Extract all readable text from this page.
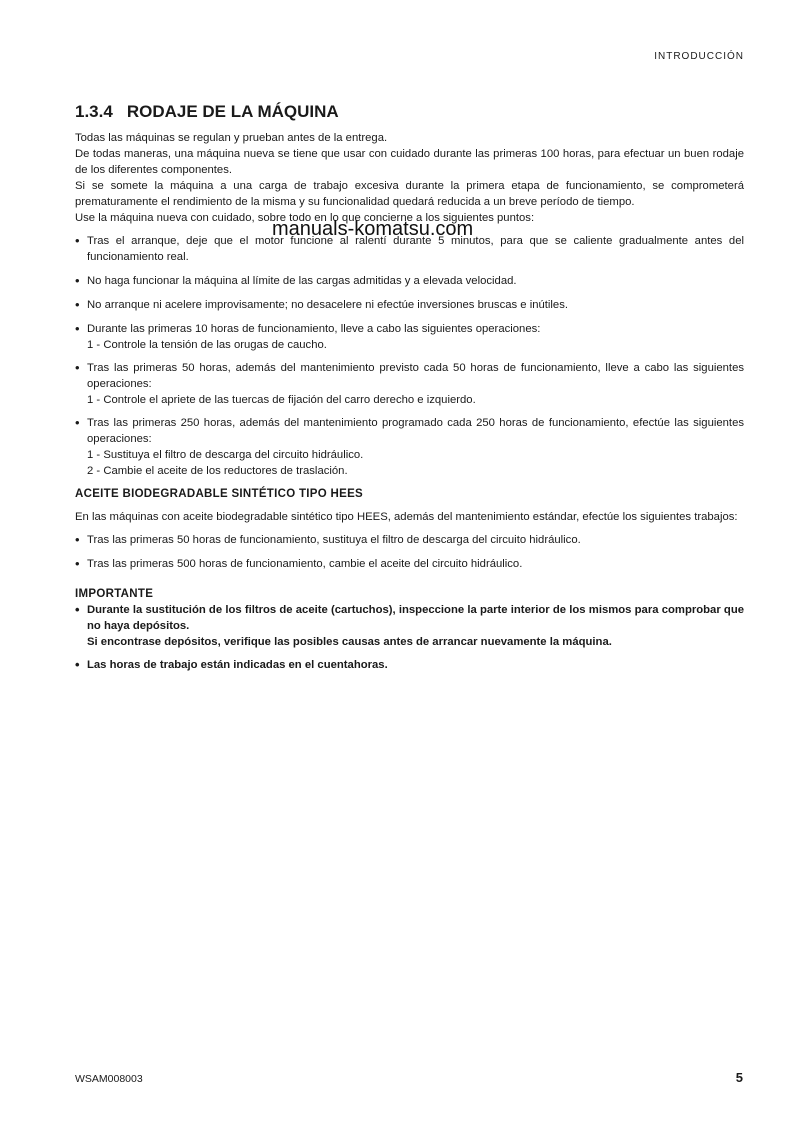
INTRODUCCIÓN
1.3.4 RODAJE DE LA MÁQUINA

Todas las máquinas se regulan y prueban antes de la entrega.

De todas maneras, una máquina nueva se tiene que usar con cuidado durante las primeras 100 horas, para efectuar un buen rodaje de los diferentes componentes.

Si se somete la máquina a una carga de trabajo excesiva durante la primera etapa de funcionamiento, se comprometerá prematuramente el rendimiento de la misma y su funcionalidad quedará reducida a un breve período de tiempo.

Use la máquina nueva con cuidado, sobre todo en lo que concierne a los siguientes puntos:

• Tras el arranque, deje que el motor funcione al ralentí durante 5 minutos, para que se caliente gradualmente antes del funcionamiento real.

• No haga funcionar la máquina al límite de las cargas admitidas y a elevada velocidad.

• No arranque ni acelere improvisamente; no desacelere ni efectúe inversiones bruscas e inútiles.

• Durante las primeras 10 horas de funcionamiento, lleve a cabo las siguientes operaciones:
1 - Controle la tensión de las orugas de caucho.

• Tras las primeras 50 horas, además del mantenimiento previsto cada 50 horas de funcionamiento, lleve a cabo las siguientes operaciones:
1 - Controle el apriete de las tuercas de fijación del carro derecho e izquierdo.

• Tras las primeras 250 horas, además del mantenimiento programado cada 250 horas de funcionamiento, efectúe las siguientes operaciones:
1 - Sustituya el filtro de descarga del circuito hidráulico.
2 - Cambie el aceite de los reductores de traslación.

ACEITE BIODEGRADABLE SINTÉTICO TIPO HEES

En las máquinas con aceite biodegradable sintético tipo HEES, además del mantenimiento estándar, efectúe los siguientes trabajos:

• Tras las primeras 50 horas de funcionamiento, sustituya el filtro de descarga del circuito hidráulico.

• Tras las primeras 500 horas de funcionamiento, cambie el aceite del circuito hidráulico.

IMPORTANTE

• Durante la sustitución de los filtros de aceite (cartuchos), inspeccione la parte interior de los mismos para comprobar que no haya depósitos.
Si encontrase depósitos, verifique las posibles causas antes de arrancar nuevamente la máquina.

• Las horas de trabajo están indicadas en el cuentahoras.

manuals-komatsu.com
WSAM008003	5
